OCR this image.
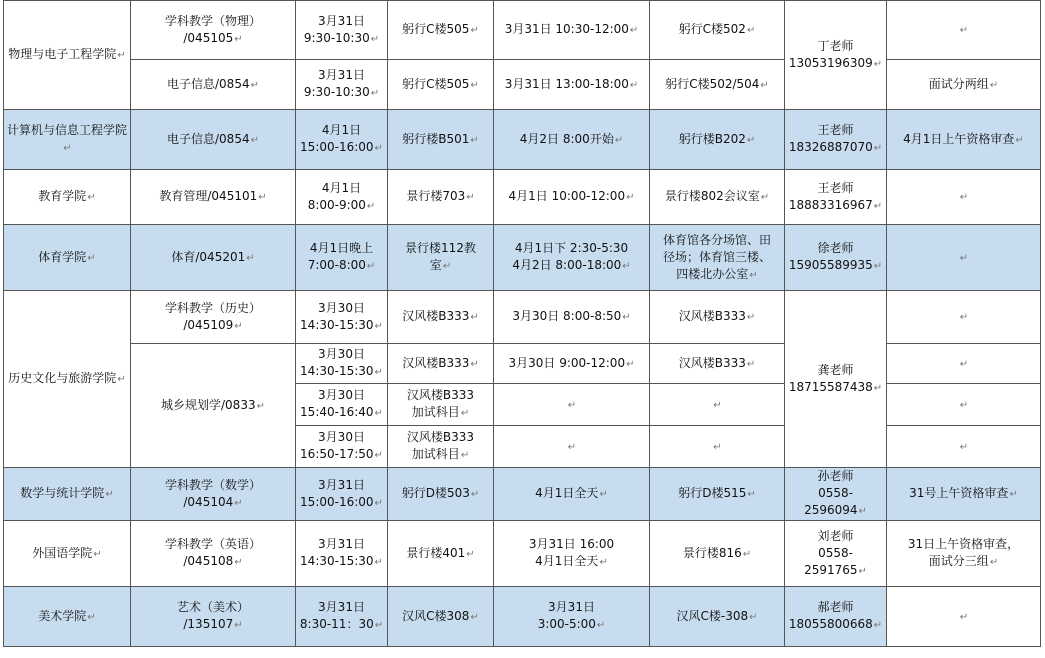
物理与电子工程学院↵	学科教学（物理）
/045105↵	3月31日
9:30-10:30↵	躬行C楼505↵	3月31日 10:30-12:00↵	躬行C楼502↵	丁老师
13053196309↵	↵
	电子信息/0854↵	3月31日
9:30-10:30↵	躬行C楼505↵	3月31日 13:00-18:00↵	躬行C楼502/504↵		面试分两组↵
计算机与信息工程学院↵	电子信息/0854↵	4月1日
15:00-16:00↵	躬行楼B501↵	4月2日 8:00开始↵	躬行楼B202↵	王老师
18326887070↵	4月1日上午资格审查↵
教育学院↵	教育管理/045101↵	4月1日
8:00-9:00↵	景行楼703↵	4月1日 10:00-12:00↵	景行楼802会议室↵	王老师
18883316967↵	↵
体育学院↵	体育/045201↵	4月1日晚上
7:00-8:00↵	景行楼112教
室↵	4月1日下 2:30-5:30
4月2日 8:00-18:00↵	体育馆各分场馆、田
径场；体育馆三楼、
四楼北办公室↵	徐老师
15905589935↵	↵
历史文化与旅游学院↵	学科教学（历史）
/045109↵	3月30日
14:30-15:30↵	汉风楼B333↵	3月30日 8:00-8:50↵	汉风楼B333↵	龚老师
18715587438↵	↵
	城乡规划学/0833↵	3月30日
14:30-15:30↵	汉风楼B333↵	3月30日 9:00-12:00↵	汉风楼B333↵		↵
		3月30日
15:40-16:40↵	汉风楼B333
加试科目↵	↵	↵		↵
		3月30日
16:50-17:50↵	汉风楼B333
加试科目↵	↵	↵		↵
数学与统计学院↵	学科教学（数学）
/045104↵	3月31日
15:00-16:00↵	躬行D楼503↵	4月1日全天↵	躬行D楼515↵	孙老师
0558-2596094↵	31号上午资格审查↵
外国语学院↵	学科教学（英语）
/045108↵	3月31日
14:30-15:30↵	景行楼401↵	3月31日 16:00
4月1日全天↵	景行楼816↵	刘老师
0558-2591765↵	31日上午资格审查，
面试分三组↵
美术学院↵	艺术（美术）
/135107↵	3月31日
8:30-11：30↵	汉风C楼308↵	3月31日
3:00-5:00↵	汉风C楼-308↵	郝老师
18055800668↵	↵
